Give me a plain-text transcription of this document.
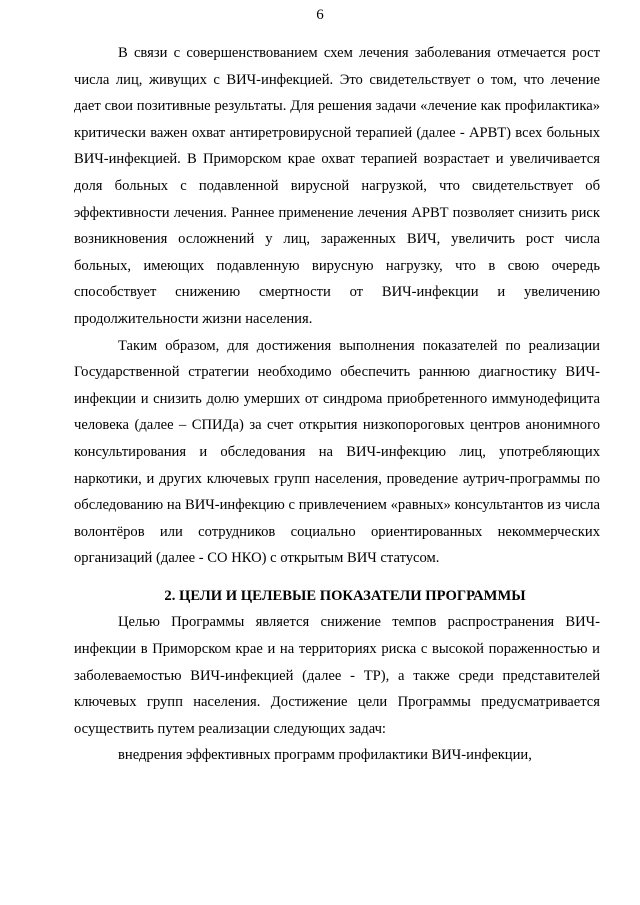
6

В связи с совершенствованием схем лечения заболевания отмечается рост числа лиц, живущих с ВИЧ-инфекцией. Это свидетельствует о том, что лечение дает свои позитивные результаты. Для решения задачи «лечение как профилактика» критически важен охват антиретровирусной терапией (далее - АРВТ) всех больных ВИЧ-инфекцией. В Приморском крае охват терапией возрастает и увеличивается доля больных с подавленной вирусной нагрузкой, что свидетельствует об эффективности лечения. Раннее применение лечения АРВТ позволяет снизить риск возникновения осложнений у лиц, зараженных ВИЧ, увеличить рост числа больных, имеющих подавленную вирусную нагрузку, что в свою очередь способствует снижению смертности от ВИЧ-инфекции и увеличению продолжительности жизни населения.

Таким образом, для достижения выполнения показателей по реализации Государственной стратегии необходимо обеспечить раннюю диагностику ВИЧ-инфекции и снизить долю умерших от синдрома приобретенного иммунодефицита человека (далее – СПИДа) за счет открытия низкопороговых центров анонимного консультирования и обследования на ВИЧ-инфекцию лиц, употребляющих наркотики, и других ключевых групп населения, проведение аутрич-программы по обследованию на ВИЧ-инфекцию с привлечением «равных» консультантов из числа волонтёров или сотрудников социально ориентированных некоммерческих организаций (далее - СО НКО) с открытым ВИЧ статусом.

2. ЦЕЛИ И ЦЕЛЕВЫЕ ПОКАЗАТЕЛИ ПРОГРАММЫ

Целью Программы является снижение темпов распространения ВИЧ-инфекции в Приморском крае и на территориях риска с высокой пораженностью и заболеваемостью ВИЧ-инфекцией (далее - ТР), а также среди представителей ключевых групп населения. Достижение цели Программы предусматривается осуществить путем реализации следующих задач:

внедрения эффективных программ профилактики ВИЧ-инфекции,
